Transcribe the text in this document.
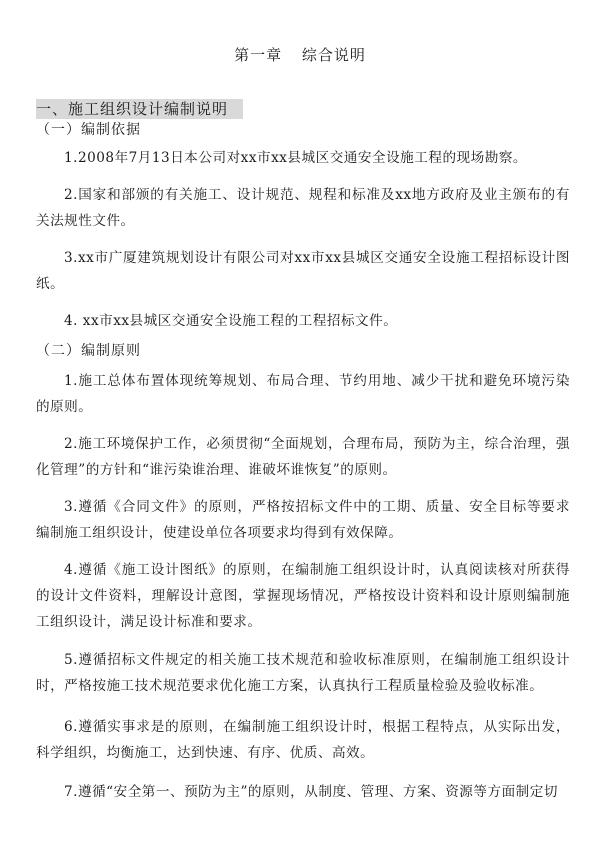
第一章 综合说明
一、施工组织设计编制说明
（一）编制依据

1.2008年7月13日本公司对xx市xx县城区交通安全设施工程的现场勘察。

2.国家和部颁的有关施工、设计规范、规程和标准及xx地方政府及业主颁布的有关法规性文件。

3.xx市广厦建筑规划设计有限公司对xx市xx县城区交通安全设施工程招标设计图纸。

4. xx市xx县城区交通安全设施工程的工程招标文件。

（二）编制原则

1.施工总体布置体现统筹规划、布局合理、节约用地、减少干扰和避免环境污染的原则。

2.施工环境保护工作，必须贯彻“全面规划，合理布局，预防为主，综合治理，强化管理”的方针和“谁污染谁治理、谁破坏谁恢复”的原则。

3.遵循《合同文件》的原则，严格按招标文件中的工期、质量、安全目标等要求编制施工组织设计，使建设单位各项要求均得到有效保障。

4.遵循《施工设计图纸》的原则，在编制施工组织设计时，认真阅读核对所获得的设计文件资料，理解设计意图，掌握现场情况，严格按设计资料和设计原则编制施工组织设计，满足设计标准和要求。

5.遵循招标文件规定的相关施工技术规范和验收标准原则，在编制施工组织设计时，严格按施工技术规范要求优化施工方案，认真执行工程质量检验及验收标准。

6.遵循实事求是的原则，在编制施工组织设计时，根据工程特点，从实际出发，科学组织，均衡施工，达到快速、有序、优质、高效。

7.遵循“安全第一、预防为主”的原则，从制度、管理、方案、资源等方面制定切
